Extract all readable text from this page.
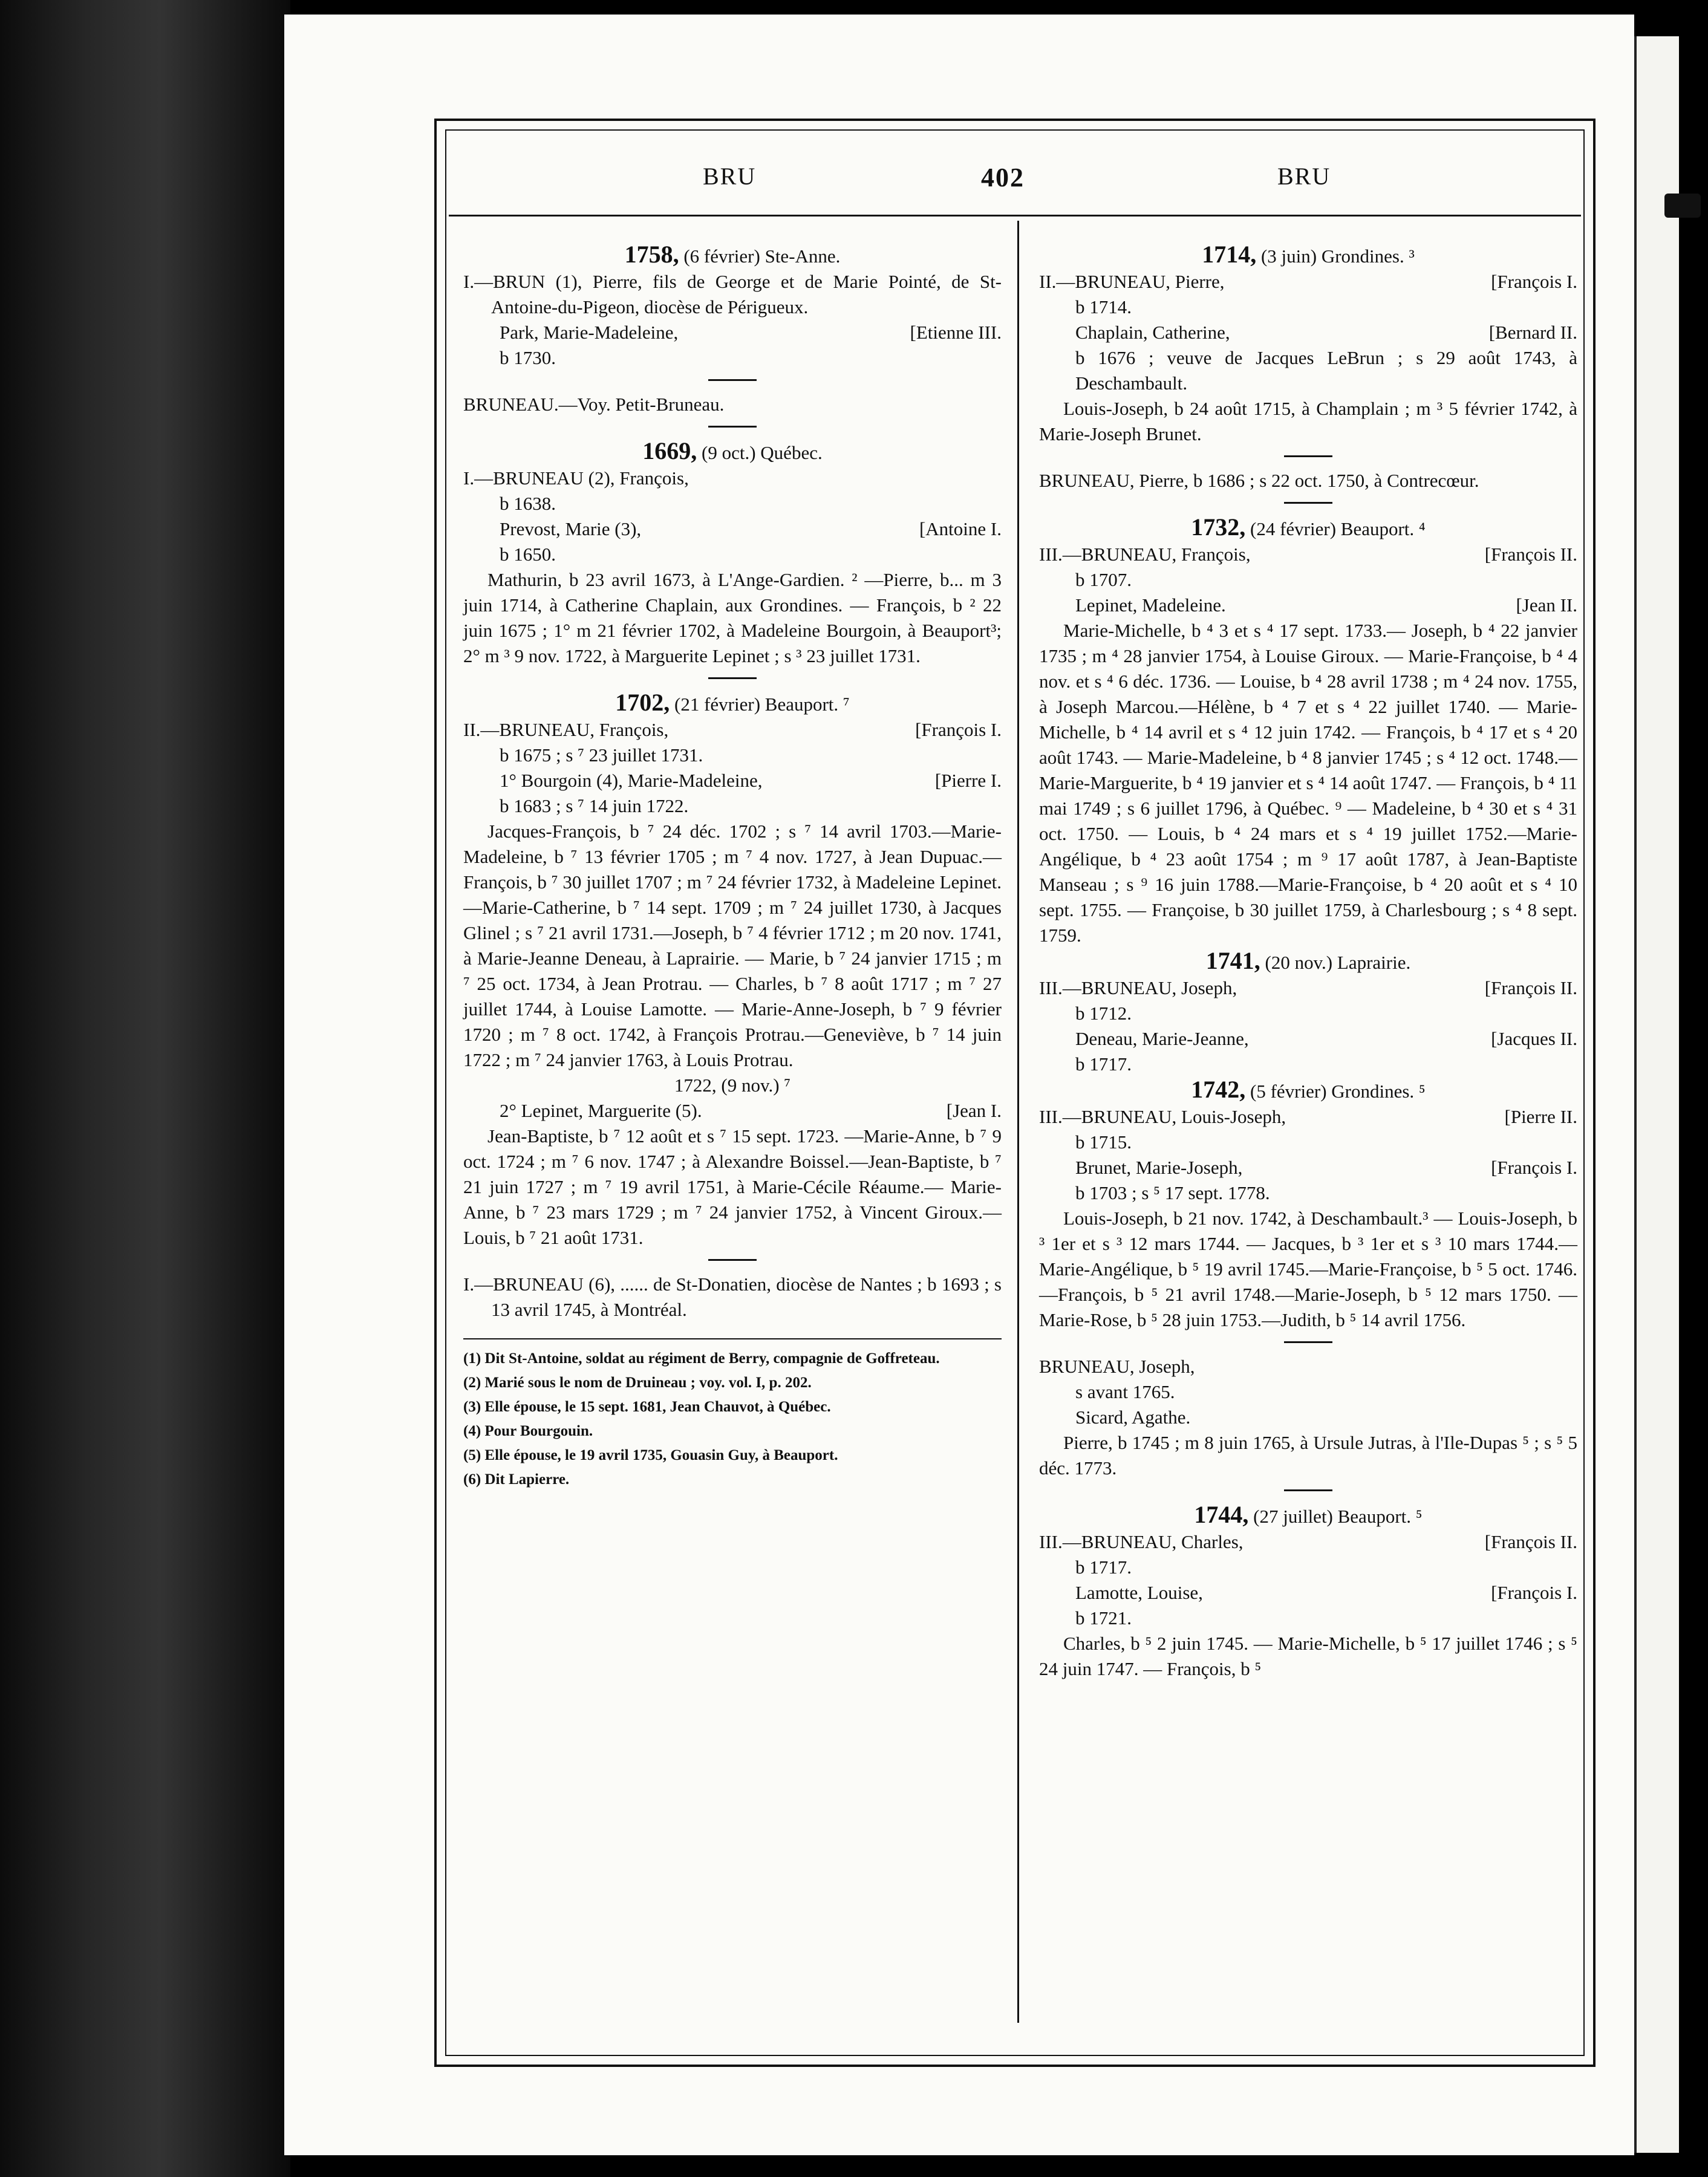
BRU	402	BRU

1758, (6 février) Ste-Anne.

I.—BRUN (1), Pierre, fils de George et de Marie Pointé, de St-Antoine-du-Pigeon, diocèse de Périgueux.

Park, Marie-Madeleine,	[Etienne III.

b 1730.

BRUNEAU.—Voy. Petit-Bruneau.

1669, (9 oct.) Québec.

I.—BRUNEAU (2), François,

b 1638.

Prevost, Marie (3),	[Antoine I.

b 1650.

Mathurin, b 23 avril 1673, à L'Ange-Gardien. ² —Pierre, b... m 3 juin 1714, à Catherine Chaplain, aux Grondines. — François, b ² 22 juin 1675 ; 1° m 21 février 1702, à Madeleine Bourgoin, à Beauport³; 2° m ³ 9 nov. 1722, à Marguerite Lepinet ; s ³ 23 juillet 1731.

1702, (21 février) Beauport. ⁷

II.—BRUNEAU, François,	[François I.

b 1675 ; s ⁷ 23 juillet 1731.

1° Bourgoin (4), Marie-Madeleine,	[Pierre I.

b 1683 ; s ⁷ 14 juin 1722.

Jacques-François, b ⁷ 24 déc. 1702 ; s ⁷ 14 avril 1703.—Marie-Madeleine, b ⁷ 13 février 1705 ; m ⁷ 4 nov. 1727, à Jean Dupuac.—François, b ⁷ 30 juillet 1707 ; m ⁷ 24 février 1732, à Madeleine Lepinet.—Marie-Catherine, b ⁷ 14 sept. 1709 ; m ⁷ 24 juillet 1730, à Jacques Glinel ; s ⁷ 21 avril 1731.—Joseph, b ⁷ 4 février 1712 ; m 20 nov. 1741, à Marie-Jeanne Deneau, à Laprairie. — Marie, b ⁷ 24 janvier 1715 ; m ⁷ 25 oct. 1734, à Jean Protrau. — Charles, b ⁷ 8 août 1717 ; m ⁷ 27 juillet 1744, à Louise Lamotte. — Marie-Anne-Joseph, b ⁷ 9 février 1720 ; m ⁷ 8 oct. 1742, à François Protrau.—Geneviève, b ⁷ 14 juin 1722 ; m ⁷ 24 janvier 1763, à Louis Protrau.

1722, (9 nov.) ⁷

2° Lepinet, Marguerite (5).	[Jean I.

Jean-Baptiste, b ⁷ 12 août et s ⁷ 15 sept. 1723. —Marie-Anne, b ⁷ 9 oct. 1724 ; m ⁷ 6 nov. 1747 ; à Alexandre Boissel.—Jean-Baptiste, b ⁷ 21 juin 1727 ; m ⁷ 19 avril 1751, à Marie-Cécile Réaume.— Marie-Anne, b ⁷ 23 mars 1729 ; m ⁷ 24 janvier 1752, à Vincent Giroux.—Louis, b ⁷ 21 août 1731.

I.—BRUNEAU (6), ...... de St-Donatien, diocèse de Nantes ; b 1693 ; s 13 avril 1745, à Montréal.

(1) Dit St-Antoine, soldat au régiment de Berry, compagnie de Goffreteau.

(2) Marié sous le nom de Druineau ; voy. vol. I, p. 202.

(3) Elle épouse, le 15 sept. 1681, Jean Chauvot, à Québec.

(4) Pour Bourgouin.

(5) Elle épouse, le 19 avril 1735, Gouasin Guy, à Beauport.

(6) Dit Lapierre.

1714, (3 juin) Grondines. ³

II.—BRUNEAU, Pierre,	[François I.

b 1714.

Chaplain, Catherine,	[Bernard II.

b 1676 ; veuve de Jacques LeBrun ; s 29 août 1743, à Deschambault.

Louis-Joseph, b 24 août 1715, à Champlain ; m ³ 5 février 1742, à Marie-Joseph Brunet.

BRUNEAU, Pierre, b 1686 ; s 22 oct. 1750, à Contrecœur.

1732, (24 février) Beauport. ⁴

III.—BRUNEAU, François,	[François II.

b 1707.

Lepinet, Madeleine.	[Jean II.

Marie-Michelle, b ⁴ 3 et s ⁴ 17 sept. 1733.— Joseph, b ⁴ 22 janvier 1735 ; m ⁴ 28 janvier 1754, à Louise Giroux. — Marie-Françoise, b ⁴ 4 nov. et s ⁴ 6 déc. 1736. — Louise, b ⁴ 28 avril 1738 ; m ⁴ 24 nov. 1755, à Joseph Marcou.—Hélène, b ⁴ 7 et s ⁴ 22 juillet 1740. — Marie-Michelle, b ⁴ 14 avril et s ⁴ 12 juin 1742. — François, b ⁴ 17 et s ⁴ 20 août 1743. — Marie-Madeleine, b ⁴ 8 janvier 1745 ; s ⁴ 12 oct. 1748.—Marie-Marguerite, b ⁴ 19 janvier et s ⁴ 14 août 1747. — François, b ⁴ 11 mai 1749 ; s 6 juillet 1796, à Québec. ⁹ — Madeleine, b ⁴ 30 et s ⁴ 31 oct. 1750. — Louis, b ⁴ 24 mars et s ⁴ 19 juillet 1752.—Marie-Angélique, b ⁴ 23 août 1754 ; m ⁹ 17 août 1787, à Jean-Baptiste Manseau ; s ⁹ 16 juin 1788.—Marie-Françoise, b ⁴ 20 août et s ⁴ 10 sept. 1755. — Françoise, b 30 juillet 1759, à Charlesbourg ; s ⁴ 8 sept. 1759.

1741, (20 nov.) Laprairie.

III.—BRUNEAU, Joseph,	[François II.

b 1712.

Deneau, Marie-Jeanne,	[Jacques II.

b 1717.

1742, (5 février) Grondines. ⁵

III.—BRUNEAU, Louis-Joseph,	[Pierre II.

b 1715.

Brunet, Marie-Joseph,	[François I.

b 1703 ; s ⁵ 17 sept. 1778.

Louis-Joseph, b 21 nov. 1742, à Deschambault.³ — Louis-Joseph, b ³ 1er et s ³ 12 mars 1744. — Jacques, b ³ 1er et s ³ 10 mars 1744.—Marie-Angélique, b ⁵ 19 avril 1745.—Marie-Françoise, b ⁵ 5 oct. 1746.—François, b ⁵ 21 avril 1748.—Marie-Joseph, b ⁵ 12 mars 1750. — Marie-Rose, b ⁵ 28 juin 1753.—Judith, b ⁵ 14 avril 1756.

BRUNEAU, Joseph,

s avant 1765.

Sicard, Agathe.

Pierre, b 1745 ; m 8 juin 1765, à Ursule Jutras, à l'Ile-Dupas ⁵ ; s ⁵ 5 déc. 1773.

1744, (27 juillet) Beauport. ⁵

III.—BRUNEAU, Charles,	[François II.

b 1717.

Lamotte, Louise,	[François I.

b 1721.

Charles, b ⁵ 2 juin 1745. — Marie-Michelle, b ⁵ 17 juillet 1746 ; s ⁵ 24 juin 1747. — François, b ⁵
